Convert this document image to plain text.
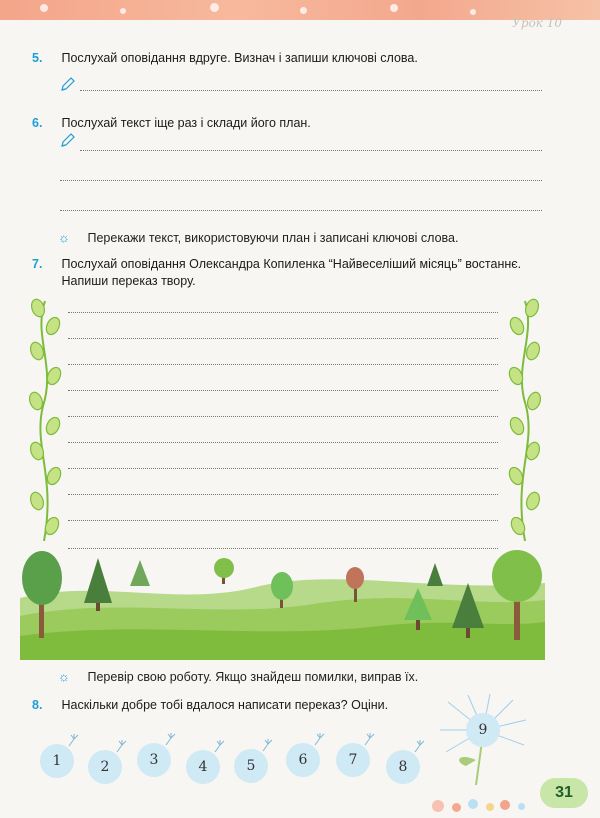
Урок 10
5. Послухай оповідання вдруге. Визнач і запиши ключові слова.
6. Послухай текст іще раз і склади його план.
☼ Перекажи текст, використовуючи план і записані ключові слова.
7. Послухай оповідання Олександра Копиленка “Найвеселіший місяць” востаннє.
Напиши переказ твору.
☼ Перевір свою роботу. Якщо знайдеш помилки, виправ їх.
8. Наскільки добре тобі вдалося написати переказ? Оціни.
1	2	3	4	5	6	7	8
9
31
